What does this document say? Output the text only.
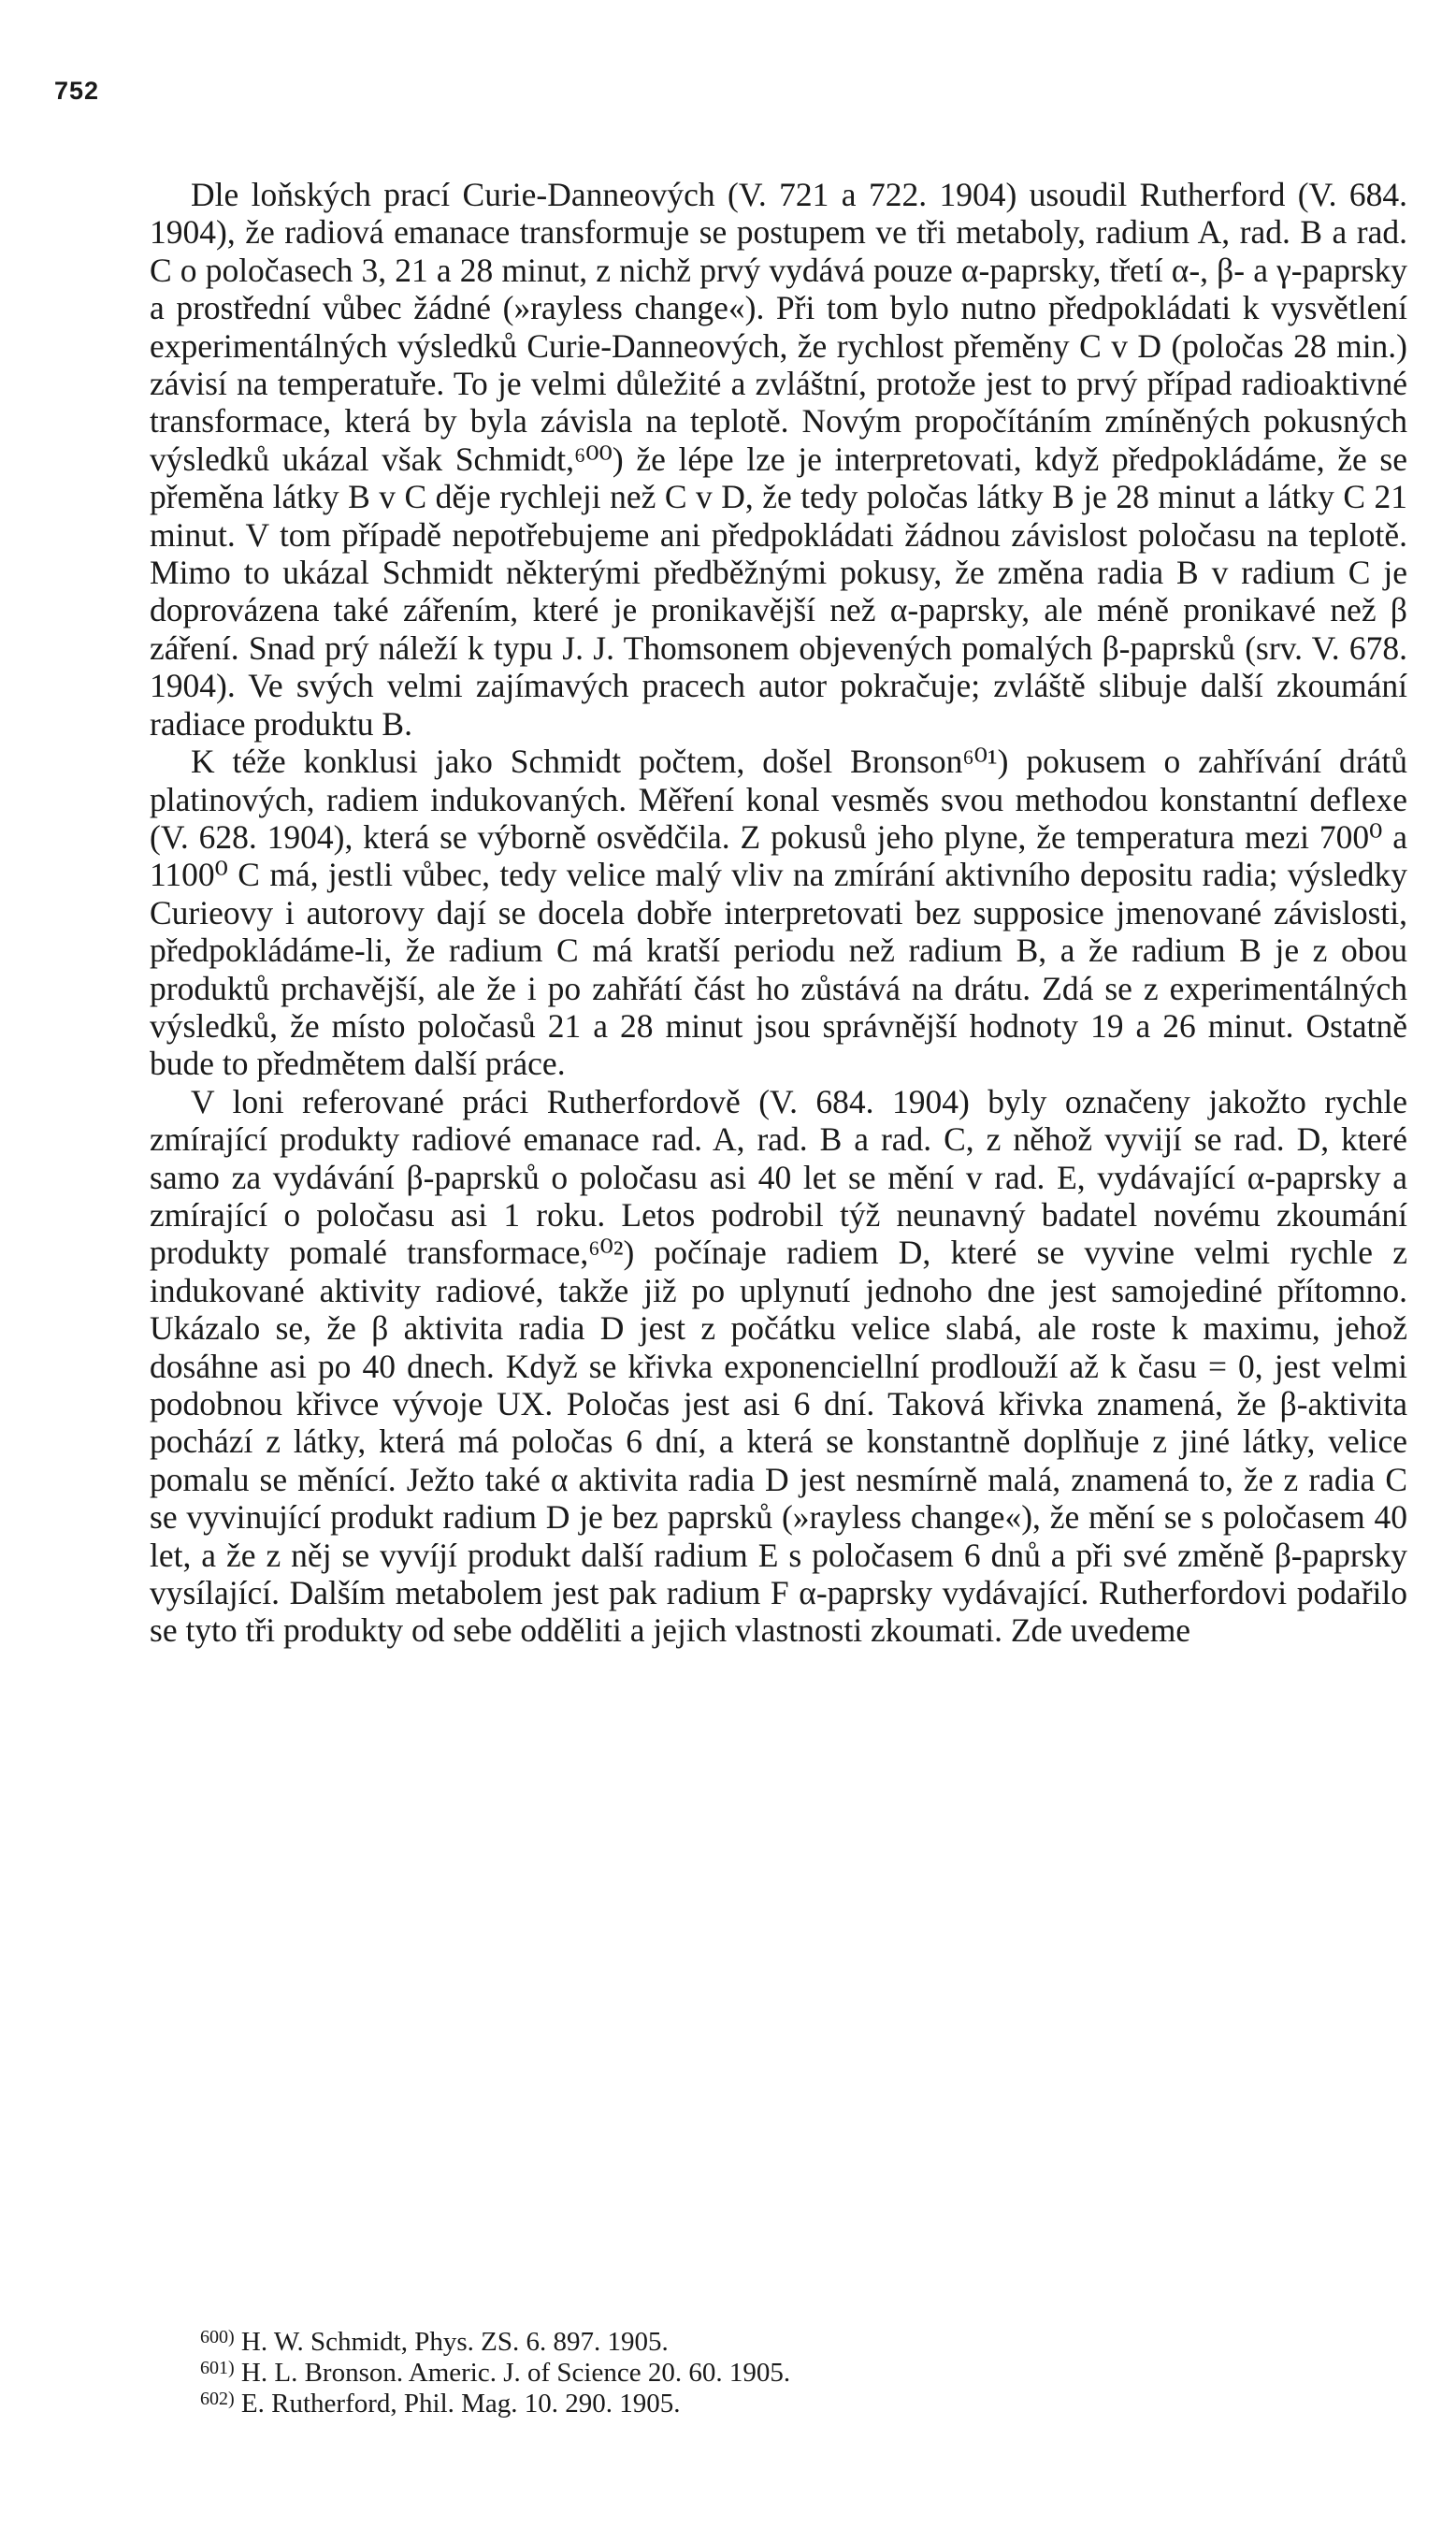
752

Dle loňských prací Curie-Danneových (V. 721 a 722. 1904) usoudil Rutherford (V. 684. 1904), že radiová emanace transformuje se postupem ve tři metaboly, radium A, rad. B a rad. C o poločasech 3, 21 a 28 minut, z nichž prvý vydává pouze α-paprsky, třetí α-, β- a γ-paprsky a prostřední vůbec žádné (»rayless change«). Při tom bylo nutno předpokládati k vysvětlení experimentálných výsledků Curie-Danneových, že rychlost přeměny C v D (poločas 28 min.) závisí na temperatuře. To je velmi důležité a zvláštní, protože jest to prvý případ radioaktivné transformace, která by byla závisla na teplotě. Novým propočítáním zmíněných pokusných výsledků ukázal však Schmidt,⁶⁰⁰) že lépe lze je interpretovati, když předpokládáme, že se přeměna látky B v C děje rychleji než C v D, že tedy poločas látky B je 28 minut a látky C 21 minut. V tom případě nepotřebujeme ani předpokládati žádnou závislost poločasu na teplotě. Mimo to ukázal Schmidt některými předběžnými pokusy, že změna radia B v radium C je doprovázena také zářením, které je pronikavější než α-paprsky, ale méně pronikavé než β záření. Snad prý náleží k typu J. J. Thomsonem objevených pomalých β-paprsků (srv. V. 678. 1904). Ve svých velmi zajímavých pracech autor pokračuje; zvláště slibuje další zkoumání radiace produktu B.

K téže konklusi jako Schmidt počtem, došel Bronson⁶⁰¹) pokusem o zahřívání drátů platinových, radiem indukovaných. Měření konal vesměs svou methodou konstantní deflexe (V. 628. 1904), která se výborně osvědčila. Z pokusů jeho plyne, že temperatura mezi 700⁰ a 1100⁰ C má, jestli vůbec, tedy velice malý vliv na zmírání aktivního depositu radia; výsledky Curieovy i autorovy dají se docela dobře interpretovati bez supposice jmenované závislosti, předpokládáme-li, že radium C má kratší periodu než radium B, a že radium B je z obou produktů prchavější, ale že i po zahřátí část ho zůstává na drátu. Zdá se z experimentálných výsledků, že místo poločasů 21 a 28 minut jsou správnější hodnoty 19 a 26 minut. Ostatně bude to předmětem další práce.

V loni referované práci Rutherfordově (V. 684. 1904) byly označeny jakožto rychle zmírající produkty radiové emanace rad. A, rad. B a rad. C, z něhož vyvijí se rad. D, které samo za vydávání β-paprsků o poločasu asi 40 let se mění v rad. E, vydávající α-paprsky a zmírající o poločasu asi 1 roku. Letos podrobil týž neunavný badatel novému zkoumání produkty pomalé transformace,⁶⁰²) počínaje radiem D, které se vyvine velmi rychle z indukované aktivity radiové, takže již po uplynutí jednoho dne jest samojediné přítomno. Ukázalo se, že β aktivita radia D jest z počátku velice slabá, ale roste k maximu, jehož dosáhne asi po 40 dnech. Když se křivka exponenciellní prodlouží až k času = 0, jest velmi podobnou křivce vývoje UX. Poločas jest asi 6 dní. Taková křivka znamená, že β-aktivita pochází z látky, která má poločas 6 dní, a která se konstantně doplňuje z jiné látky, velice pomalu se měnící. Ježto také α aktivita radia D jest nesmírně malá, znamená to, že z radia C se vyvinující produkt radium D je bez paprsků (»rayless change«), že mění se s poločasem 40 let, a že z něj se vyvíjí produkt další radium E s poločasem 6 dnů a při své změně β-paprsky vysílající. Dalším metabolem jest pak radium F α-paprsky vydávající. Rutherfordovi podařilo se tyto tři produkty od sebe odděliti a jejich vlastnosti zkoumati. Zde uvedeme

$^{600)}$ H. W. Schmidt, Phys. ZS. 6. 897. 1905.

$^{601)}$ H. L. Bronson. Americ. J. of Science 20. 60. 1905.

$^{602)}$ E. Rutherford, Phil. Mag. 10. 290. 1905.
